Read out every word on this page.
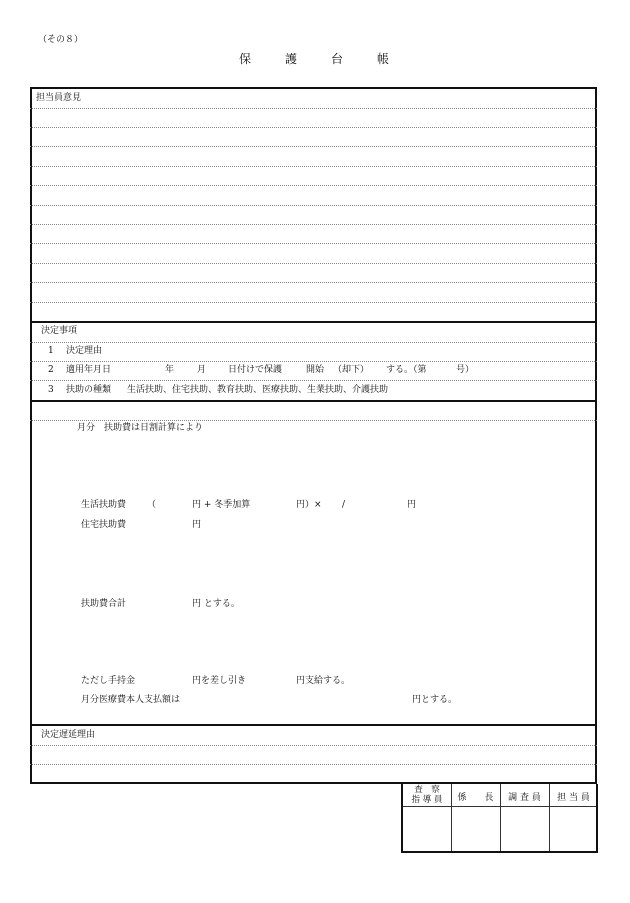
（その８）
保	護	台	帳
担当員意見
決定事項
1 決定理由
2 適用年月日	年	月 日付けで保護	開始 （却下） する。（第	号）
3 扶助の種類 生活扶助、住宅扶助、教育扶助、医療扶助、生業扶助、介護扶助
月分　扶助費は日割計算により
生活扶助費 （	円 + 冬季加算	円）× /	円
住宅扶助費	円
扶助費合計	円 とする。
ただし手持金	円を差し引き	円支給する。
月分医療費本人支払額は	円とする。
決定遅延理由
査　察
指 導 員	係　　長	調 査 員	担 当 員
